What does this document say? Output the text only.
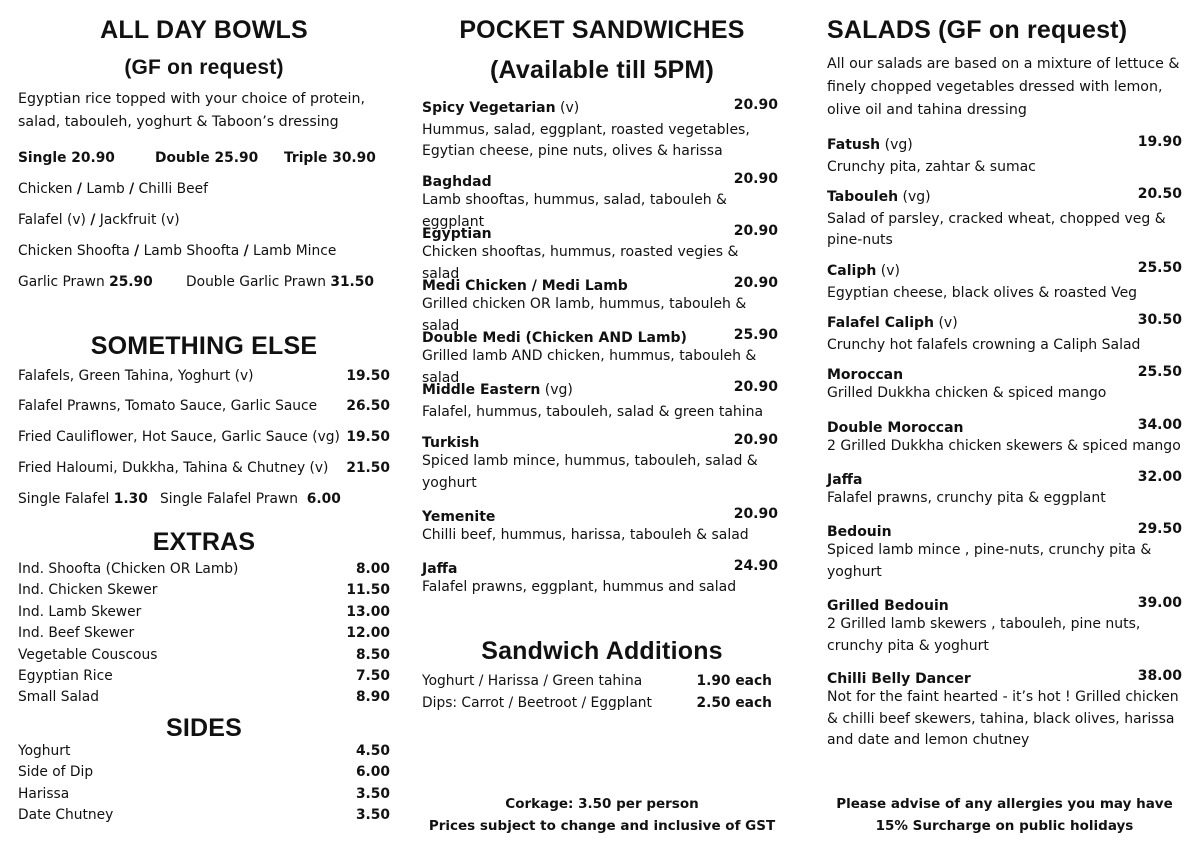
ALL DAY BOWLS
(GF on request)
Egyptian rice topped with your choice of protein, salad, tabouleh, yoghurt & Taboon’s dressing
Single 20.90	Double 25.90 Triple 30.90
Chicken / Lamb / Chilli Beef
Falafel (v) / Jackfruit (v)
Chicken Shoofta / Lamb Shoofta / Lamb Mince
Garlic Prawn 25.90 Double Garlic Prawn 31.50
SOMETHING ELSE
Falafels, Green Tahina, Yoghurt (v)	19.50
Falafel Prawns, Tomato Sauce, Garlic Sauce 26.50
Fried Cauliflower, Hot Sauce, Garlic Sauce (vg) 19.50
Fried Haloumi, Dukkha, Tahina & Chutney (v) 21.50
Single Falafel 1.30 Single Falafel Prawn 6.00
EXTRAS
Ind. Shoofta (Chicken OR Lamb)	8.00
Ind. Chicken Skewer	11.50
Ind. Lamb Skewer	13.00
Ind. Beef Skewer	12.00
Vegetable Couscous	8.50
Egyptian Rice	7.50
Small Salad	8.90
SIDES
Yoghurt	4.50
Side of Dip	6.00
Harissa	3.50
Date Chutney	3.50
POCKET SANDWICHES
(Available till 5PM)
Spicy Vegetarian (v)	20.90
Hummus, salad, eggplant, roasted vegetables, Egytian cheese, pine nuts, olives & harissa
Baghdad	20.90
Lamb shooftas, hummus, salad, tabouleh & eggplant
Egyptian	20.90
Chicken shooftas, hummus, roasted vegies & salad
Medi Chicken / Medi Lamb	20.90
Grilled chicken OR lamb, hummus, tabouleh & salad
Double Medi (Chicken AND Lamb)	25.90
Grilled lamb AND chicken, hummus, tabouleh & salad
Middle Eastern (vg)	20.90
Falafel, hummus, tabouleh, salad & green tahina
Turkish	20.90
Spiced lamb mince, hummus, tabouleh, salad & yoghurt
Yemenite	20.90
Chilli beef, hummus, harissa, tabouleh & salad
Jaffa	24.90
Falafel prawns, eggplant, hummus and salad
Sandwich Additions
Yoghurt / Harissa / Green tahina	1.90 each
Dips: Carrot / Beetroot / Eggplant	2.50 each
Corkage: 3.50 per person
Prices subject to change and inclusive of GST
SALADS (GF on request)
All our salads are based on a mixture of lettuce & finely chopped vegetables dressed with lemon, olive oil and tahina dressing
Fatush (vg)	19.90
Crunchy pita, zahtar & sumac
Tabouleh (vg)	20.50
Salad of parsley, cracked wheat, chopped veg & pine-nuts
Caliph (v)	25.50
Egyptian cheese, black olives & roasted Veg
Falafel Caliph (v)	30.50
Crunchy hot falafels crowning a Caliph Salad
Moroccan	25.50
Grilled Dukkha chicken & spiced mango
Double Moroccan	34.00
2 Grilled Dukkha chicken skewers & spiced mango
Jaffa	32.00
Falafel prawns, crunchy pita & eggplant
Bedouin	29.50
Spiced lamb mince , pine-nuts, crunchy pita & yoghurt
Grilled Bedouin	39.00
2 Grilled lamb skewers , tabouleh, pine nuts, crunchy pita & yoghurt
Chilli Belly Dancer	38.00
Not for the faint hearted - it’s hot ! Grilled chicken & chilli beef skewers, tahina, black olives, harissa and date and lemon chutney
Please advise of any allergies you may have
15% Surcharge on public holidays
